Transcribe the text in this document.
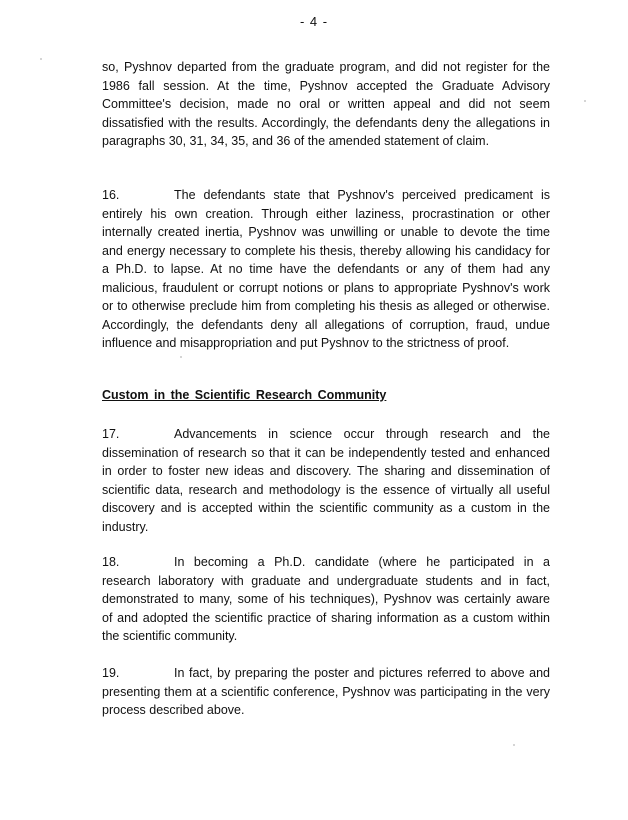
- 4 -
so, Pyshnov departed from the graduate program, and did not register for the
1986 fall session. At the time, Pyshnov accepted the Graduate Advisory
Committee's decision, made no oral or written appeal and did not seem
dissatisfied with the results. Accordingly, the defendants deny the allegations in
paragraphs 30, 31, 34, 35, and 36 of the amended statement of claim.
16.	The defendants state that Pyshnov's perceived predicament is
entirely his own creation. Through either laziness, procrastination or other
internally created inertia, Pyshnov was unwilling or unable to devote the time
and energy necessary to complete his thesis, thereby allowing his candidacy for
a Ph.D. to lapse. At no time have the defendants or any of them had any
malicious, fraudulent or corrupt notions or plans to appropriate Pyshnov's work
or to otherwise preclude him from completing his thesis as alleged or otherwise.
Accordingly, the defendants deny all allegations of corruption, fraud, undue
influence and misappropriation and put Pyshnov to the strictness of proof.
Custom in the Scientific Research Community
17.	Advancements in science occur through research and the
dissemination of research so that it can be independently tested and enhanced
in order to foster new ideas and discovery. The sharing and dissemination of
scientific data, research and methodology is the essence of virtually all useful
discovery and is accepted within the scientific community as a custom in the
industry.
18.	In becoming a Ph.D. candidate (where he participated in a
research laboratory with graduate and undergraduate students and in fact,
demonstrated to many, some of his techniques), Pyshnov was certainly aware
of and adopted the scientific practice of sharing information as a custom within
the scientific community.
19.	In fact, by preparing the poster and pictures referred to above and
presenting them at a scientific conference, Pyshnov was participating in the very
process described above.
